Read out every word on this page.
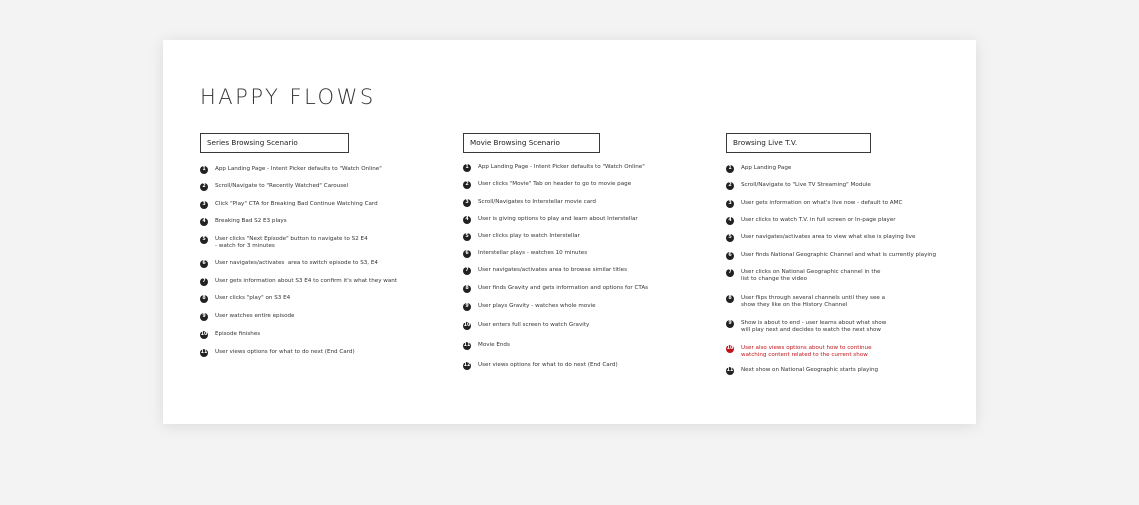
HAPPY FLOWS
Series Browsing Scenario
1	App Landing Page - Intent Picker defaults to "Watch Online"
2	Scroll/Navigate to "Recently Watched" Carousel
3	Click "Play" CTA for Breaking Bad Continue Watching Card
4	Breaking Bad S2 E3 plays
5	User clicks "Next Episode" button to navigate to S2 E4
- watch for 3 minutes
6	User navigates/activates  area to switch episode to S3, E4
7	User gets information about S3 E4 to confirm it's what they want
8	User clicks "play" on S3 E4
9	User watches entire episode
10 Episode finishes
11 User views options for what to do next (End Card)
Movie Browsing Scenario
1	App Landing Page - Intent Picker defaults to "Watch Online"
2	User clicks "Movie" Tab on header to go to movie page
3	Scroll/Navigates to Interstellar movie card
4	User is giving options to play and learn about Interstellar
5	User clicks play to watch Interstellar
6	Interstellar plays - watches 10 minutes
7	User navigates/activates area to browse similar titles
8	User finds Gravity and gets information and options for CTAs
9	User plays Gravity - watches whole movie
10 User enters full screen to watch Gravity
11 Movie Ends
12 User views options for what to do next (End Card)
Browsing Live T.V.
1	App Landing Page
2	Scroll/Navigate to "Live TV Streaming" Module
3	User gets information on what's live now - default to AMC
4	User clicks to watch T.V. in full screen or In-page player
5	User navigates/activates area to view what else is playing live
6	User finds National Geographic Channel and what is currently playing
7	User clicks on National Geographic channel in the
list to change the video
8	User flips through several channels until they see a
show they like on the History Channel
9	Show is about to end - user learns about what show
will play next and decides to watch the next show
10 User also views options about how to continue
watching content related to the current show
11 Next show on National Geographic starts playing
